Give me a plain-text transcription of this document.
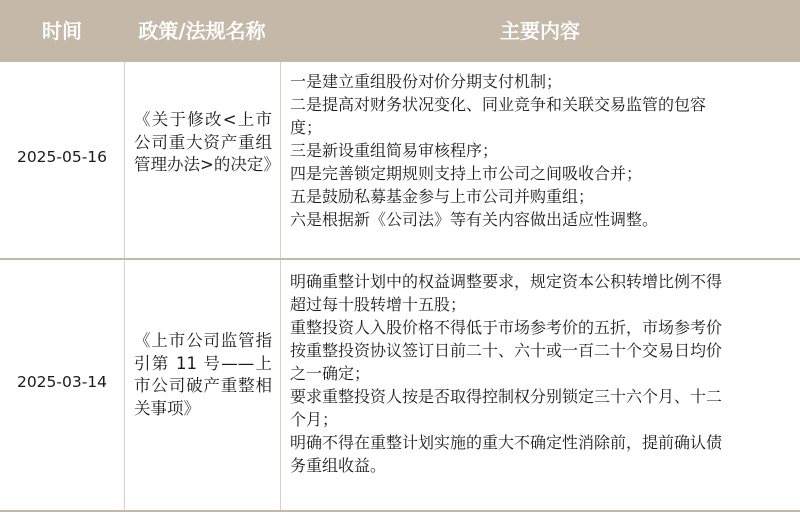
时间	政策/法规名称	主要内容
2025-05-16
《关于修改<上市公司重大资产重组管理办法>的决定》
一是建立重组股份对价分期支付机制；
二是提高对财务状况变化、同业竞争和关联交易监管的包容
度；
三是新设重组简易审核程序；
四是完善锁定期规则支持上市公司之间吸收合并；
五是鼓励私募基金参与上市公司并购重组；
六是根据新《公司法》等有关内容做出适应性调整。
2025-03-14
《上市公司监管指引第 11 号——上市公司破产重整相关事项》
明确重整计划中的权益调整要求，规定资本公积转增比例不得
超过每十股转增十五股；
重整投资人入股价格不得低于市场参考价的五折，市场参考价
按重整投资协议签订日前二十、六十或一百二十个交易日均价
之一确定；
要求重整投资人按是否取得控制权分别锁定三十六个月、十二
个月；
明确不得在重整计划实施的重大不确定性消除前，提前确认债
务重组收益。
